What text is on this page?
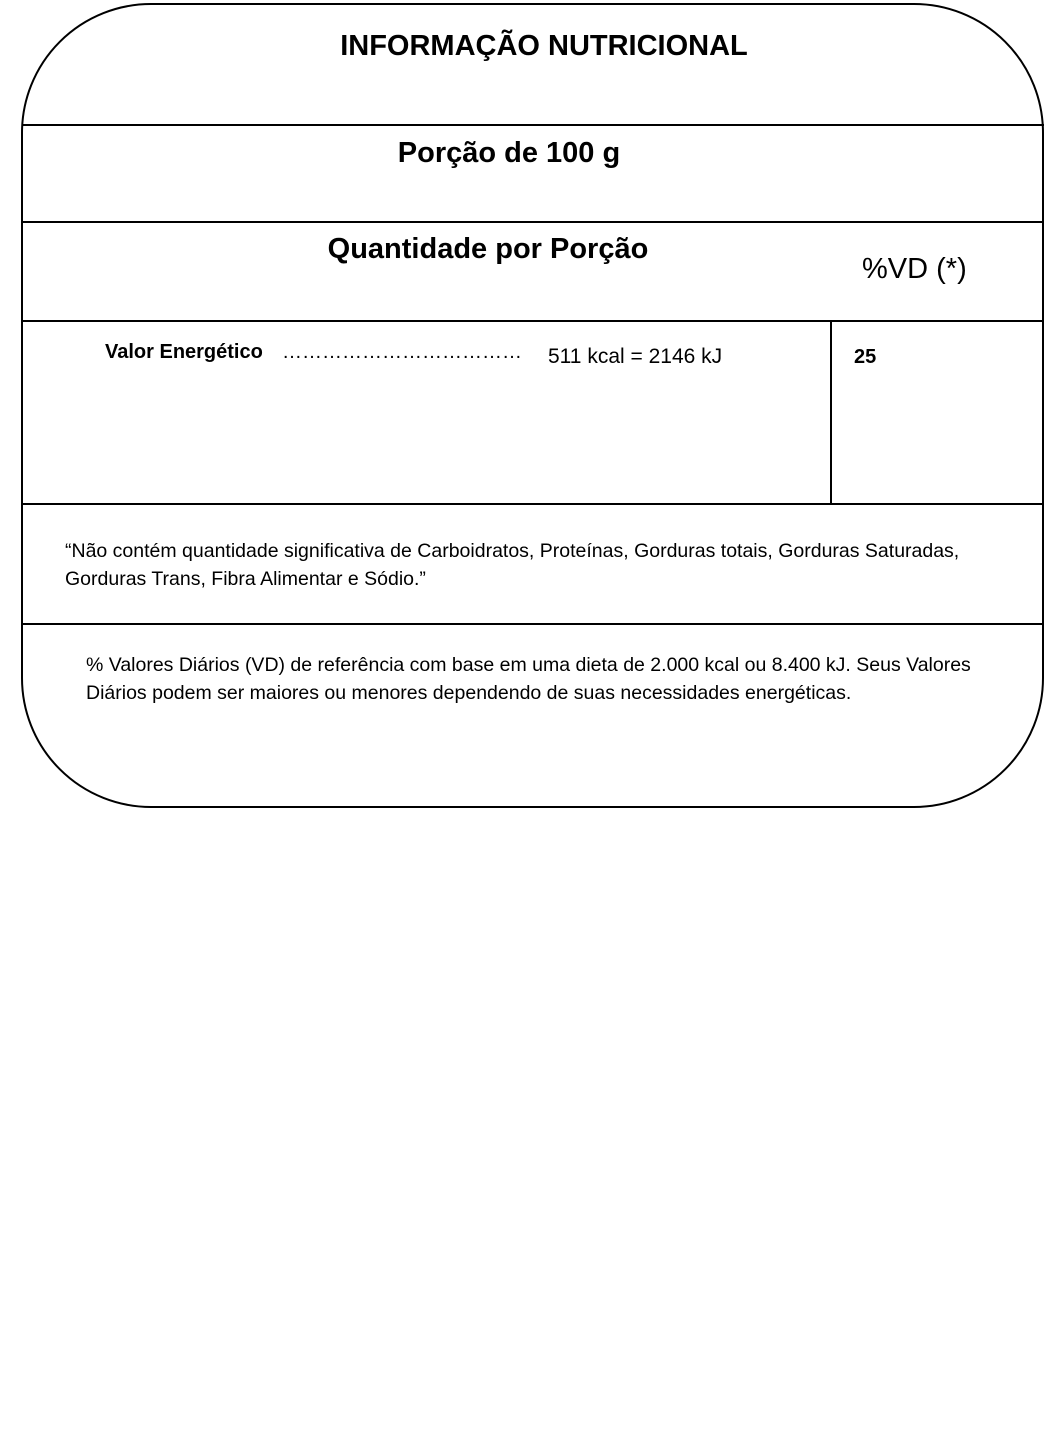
INFORMAÇÃO NUTRICIONAL
Porção de 100 g
Quantidade por Porção
%VD (*)
Valor Energético ……………………………… 511 kcal = 2146 kJ	25
“Não contém quantidade significativa de Carboidratos, Proteínas, Gorduras totais, Gorduras Saturadas, Gorduras Trans, Fibra Alimentar e Sódio.”
% Valores Diários (VD) de referência com base em uma dieta de 2.000 kcal ou 8.400 kJ. Seus Valores Diários podem ser maiores ou menores dependendo de suas necessidades energéticas.
